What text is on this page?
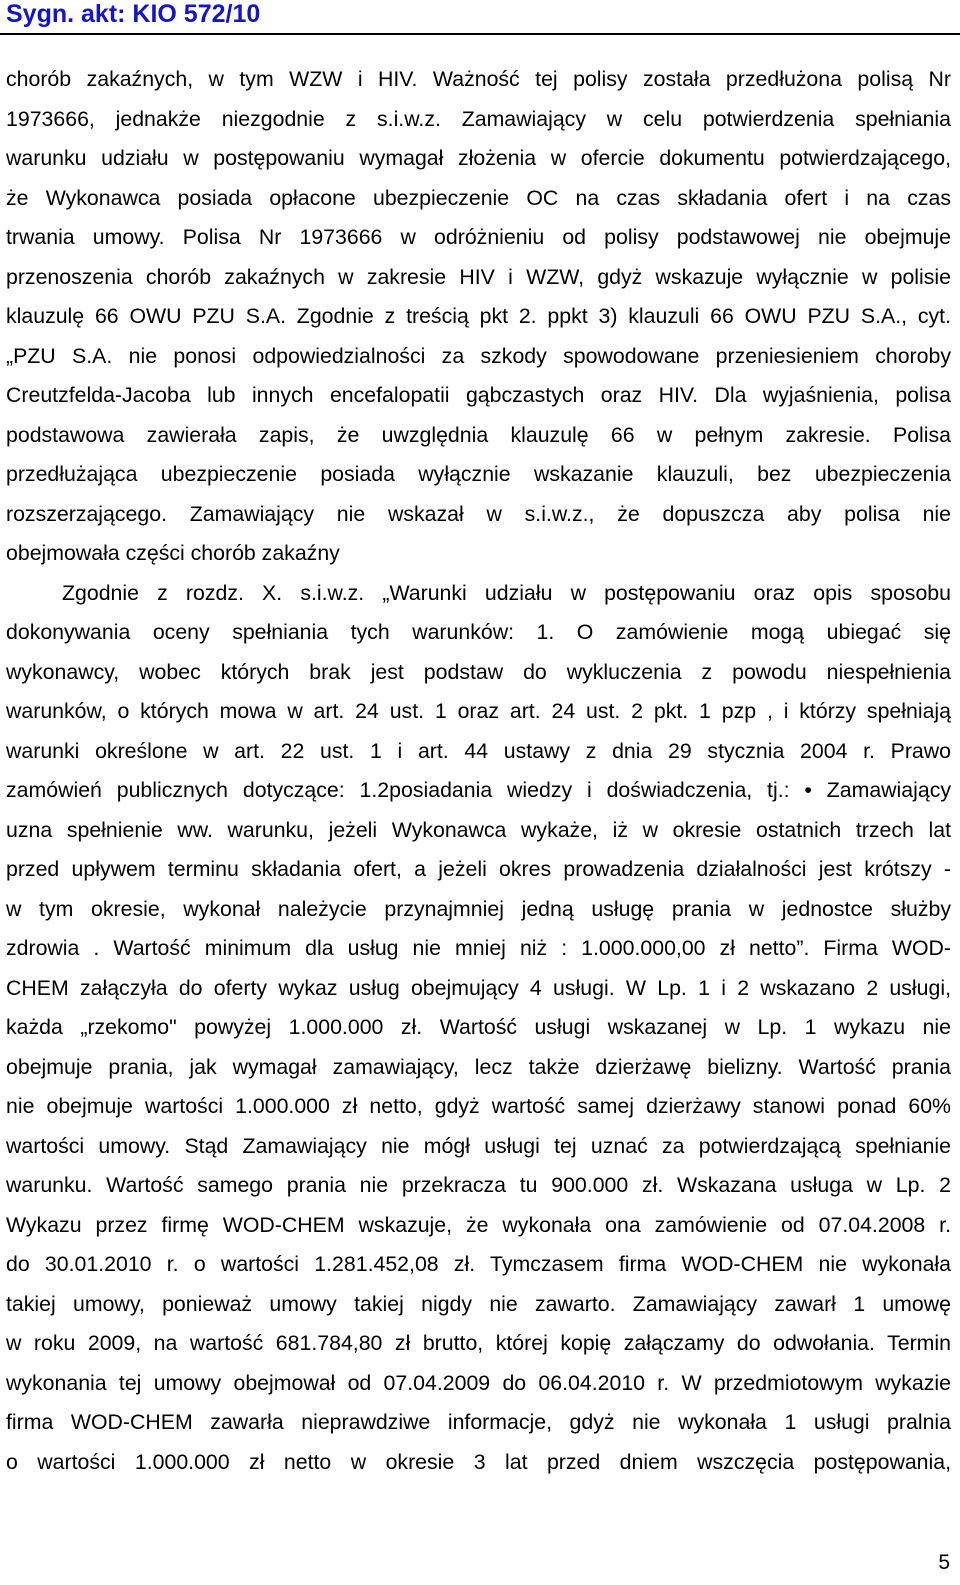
Sygn. akt: KIO 572/10
chorób zakaźnych, w tym WZW i HIV. Ważność tej polisy została przedłużona polisą Nr
1973666, jednakże niezgodnie z s.i.w.z. Zamawiający w celu potwierdzenia spełniania
warunku udziału w postępowaniu wymagał złożenia w ofercie dokumentu potwierdzającego,
że Wykonawca posiada opłacone ubezpieczenie OC na czas składania ofert i na czas
trwania umowy. Polisa Nr 1973666 w odróżnieniu od polisy podstawowej nie obejmuje
przenoszenia chorób zakaźnych w zakresie HIV i WZW, gdyż wskazuje wyłącznie w polisie
klauzulę 66 OWU PZU S.A. Zgodnie z treścią pkt 2. ppkt 3) klauzuli 66 OWU PZU S.A., cyt.
„PZU S.A. nie ponosi odpowiedzialności za szkody spowodowane przeniesieniem choroby
Creutzfelda-Jacoba lub innych encefalopatii gąbczastych oraz HIV. Dla wyjaśnienia, polisa
podstawowa zawierała zapis, że uwzględnia klauzulę 66 w pełnym zakresie. Polisa
przedłużająca ubezpieczenie posiada wyłącznie wskazanie klauzuli, bez ubezpieczenia
rozszerzającego. Zamawiający nie wskazał w s.i.w.z., że dopuszcza aby polisa nie
obejmowała części chorób zakaźny
Zgodnie z rozdz. X. s.i.w.z. „Warunki udziału w postępowaniu oraz opis sposobu
dokonywania oceny spełniania tych warunków: 1. O zamówienie mogą ubiegać się
wykonawcy, wobec których brak jest podstaw do wykluczenia z powodu niespełnienia
warunków, o których mowa w art. 24 ust. 1 oraz art. 24 ust. 2 pkt. 1 pzp , i którzy spełniają
warunki określone w art. 22 ust. 1 i art. 44 ustawy z dnia 29 stycznia 2004 r. Prawo
zamówień publicznych dotyczące: 1.2posiadania wiedzy i doświadczenia, tj.: • Zamawiający
uzna spełnienie ww. warunku, jeżeli Wykonawca wykaże, iż w okresie ostatnich trzech lat
przed upływem terminu składania ofert, a jeżeli okres prowadzenia działalności jest krótszy -
w tym okresie, wykonał należycie przynajmniej jedną usługę prania w jednostce służby
zdrowia . Wartość minimum dla usług nie mniej niż : 1.000.000,00 zł netto”. Firma WOD-
CHEM załączyła do oferty wykaz usług obejmujący 4 usługi. W Lp. 1 i 2 wskazano 2 usługi,
każda „rzekomo" powyżej 1.000.000 zł. Wartość usługi wskazanej w Lp. 1 wykazu nie
obejmuje prania, jak wymagał zamawiający, lecz także dzierżawę bielizny. Wartość prania
nie obejmuje wartości 1.000.000 zł netto, gdyż wartość samej dzierżawy stanowi ponad 60%
wartości umowy. Stąd Zamawiający nie mógł usługi tej uznać za potwierdzającą spełnianie
warunku. Wartość samego prania nie przekracza tu 900.000 zł. Wskazana usługa w Lp. 2
Wykazu przez firmę WOD-CHEM wskazuje, że wykonała ona zamówienie od 07.04.2008 r.
do 30.01.2010 r. o wartości 1.281.452,08 zł. Tymczasem firma WOD-CHEM nie wykonała
takiej umowy, ponieważ umowy takiej nigdy nie zawarto. Zamawiający zawarł 1 umowę
w roku 2009, na wartość 681.784,80 zł brutto, której kopię załączamy do odwołania. Termin
wykonania tej umowy obejmował od 07.04.2009 do 06.04.2010 r. W przedmiotowym wykazie
firma WOD-CHEM zawarła nieprawdziwe informacje, gdyż nie wykonała 1 usługi pralnia
o wartości 1.000.000 zł netto w okresie 3 lat przed dniem wszczęcia postępowania,
5
